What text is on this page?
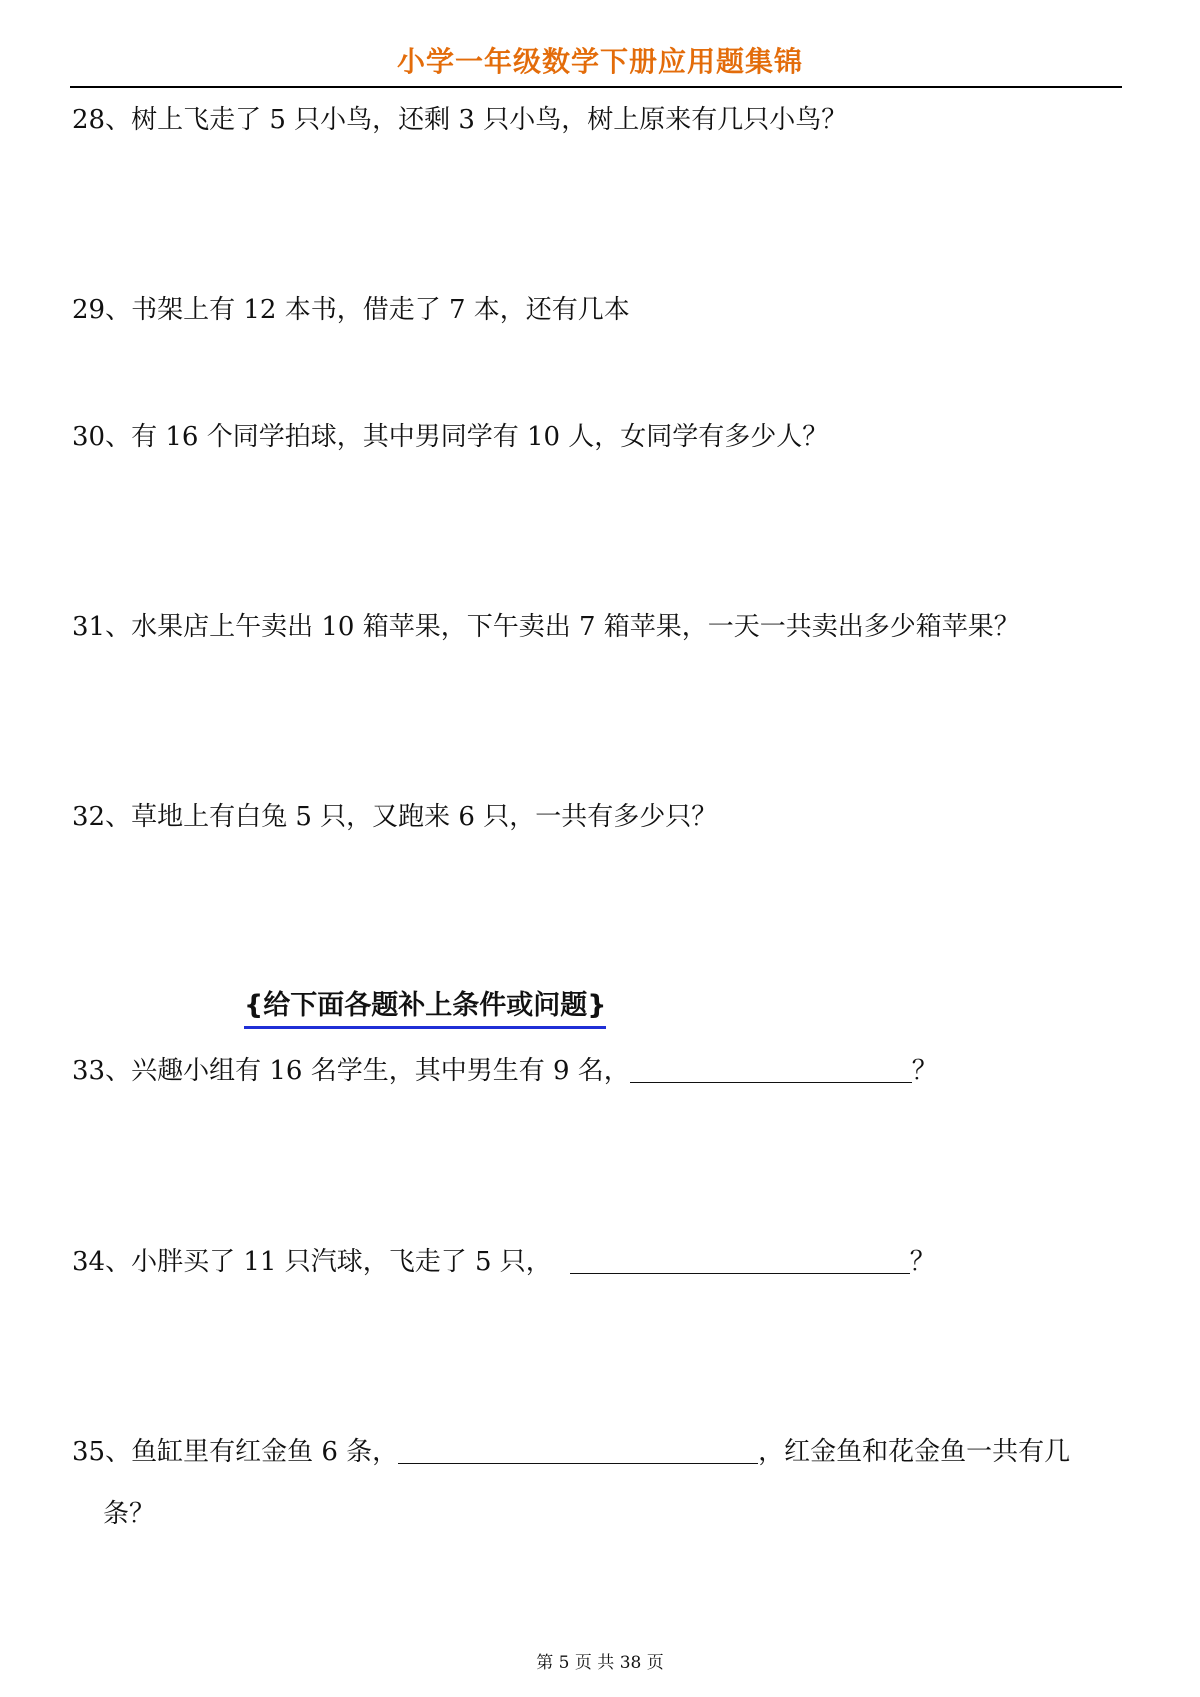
小学一年级数学下册应用题集锦
28、树上飞走了 5 只小鸟，还剩 3 只小鸟，树上原来有几只小鸟？
29、书架上有 12 本书，借走了 7 本，还有几本
30、有 16 个同学拍球，其中男同学有 10 人，女同学有多少人？
31、水果店上午卖出 10 箱苹果，下午卖出 7 箱苹果，一天一共卖出多少箱苹果？
32、草地上有白兔 5 只，又跑来 6 只，一共有多少只？
{给下面各题补上条件或问题}
33、兴趣小组有 16 名学生，其中男生有 9 名，	？
34、小胖买了 11 只汽球，飞走了 5 只，	？
35、鱼缸里有红金鱼 6 条，	，红金鱼和花金鱼一共有几
条？
第 5 页 共 38 页
